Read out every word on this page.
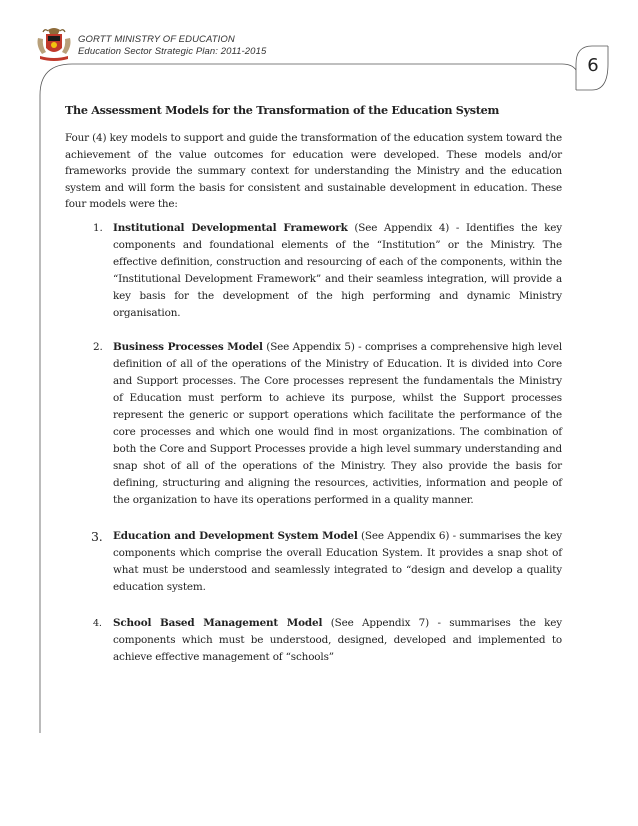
GORTT MINISTRY OF EDUCATION
Education Sector Strategic Plan: 2011-2015
6
The Assessment Models for the Transformation of the Education System

Four (4) key models to support and guide the transformation of the education system toward the achievement of the value outcomes for education were developed. These models and/or frameworks provide the summary context for understanding the Ministry and the education system and will form the basis for consistent and sustainable development in education. These four models were the:

1. Institutional Developmental Framework (See Appendix 4) - Identifies the key components and foundational elements of the “Institution” or the Ministry. The effective definition, construction and resourcing of each of the components, within the “Institutional Development Framework” and their seamless integration, will provide a key basis for the development of the high performing and dynamic Ministry organisation.
2. Business Processes Model (See Appendix 5) - comprises a comprehensive high level definition of all of the operations of the Ministry of Education. It is divided into Core and Support processes. The Core processes represent the fundamentals the Ministry of Education must perform to achieve its purpose, whilst the Support processes represent the generic or support operations which facilitate the performance of the core processes and which one would find in most organizations. The combination of both the Core and Support Processes provide a high level summary understanding and snap shot of all of the operations of the Ministry. They also provide the basis for defining, structuring and aligning the resources, activities, information and people of the organization to have its operations performed in a quality manner.
3. Education and Development System Model (See Appendix 6) - summarises the key components which comprise the overall Education System. It provides a snap shot of what must be understood and seamlessly integrated to “design and develop a quality education system.
4. School Based Management Model (See Appendix 7) - summarises the key components which must be understood, designed, developed and implemented to achieve effective management of “schools”
